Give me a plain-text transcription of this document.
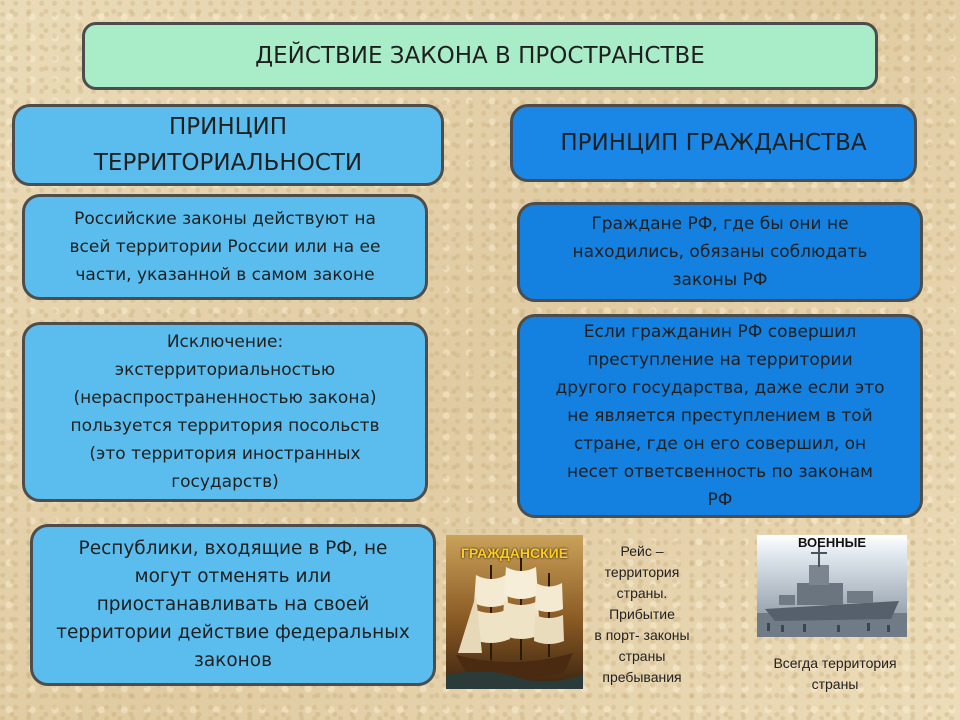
ДЕЙСТВИЕ ЗАКОНА В ПРОСТРАНСТВЕ
ПРИНЦИП
ТЕРРИТОРИАЛЬНОСТИ
ПРИНЦИП ГРАЖДАНСТВА
Российские законы действуют на
всей территории России или на ее
части, указанной в самом законе
Исключение:
экстерриториальностью
(нераспространенностью закона)
пользуется территория посольств
(это территория иностранных
государств)
Республики, входящие в РФ, не
могут отменять или
приостанавливать на своей
территории действие федеральных
законов
Граждане РФ, где бы они не
находились, обязаны соблюдать
законы РФ
Если гражданин РФ совершил
преступление на территории
другого государства, даже если это
не является преступлением в той
стране, где он его совершил, он
несет ответсвенность по законам
РФ
ГРАЖДАНСКИЕ	Рейс –
территория
страны.
Прибытие
в порт- законы
страны
пребывания
ВОЕННЫЕ
Всегда территория
страны
